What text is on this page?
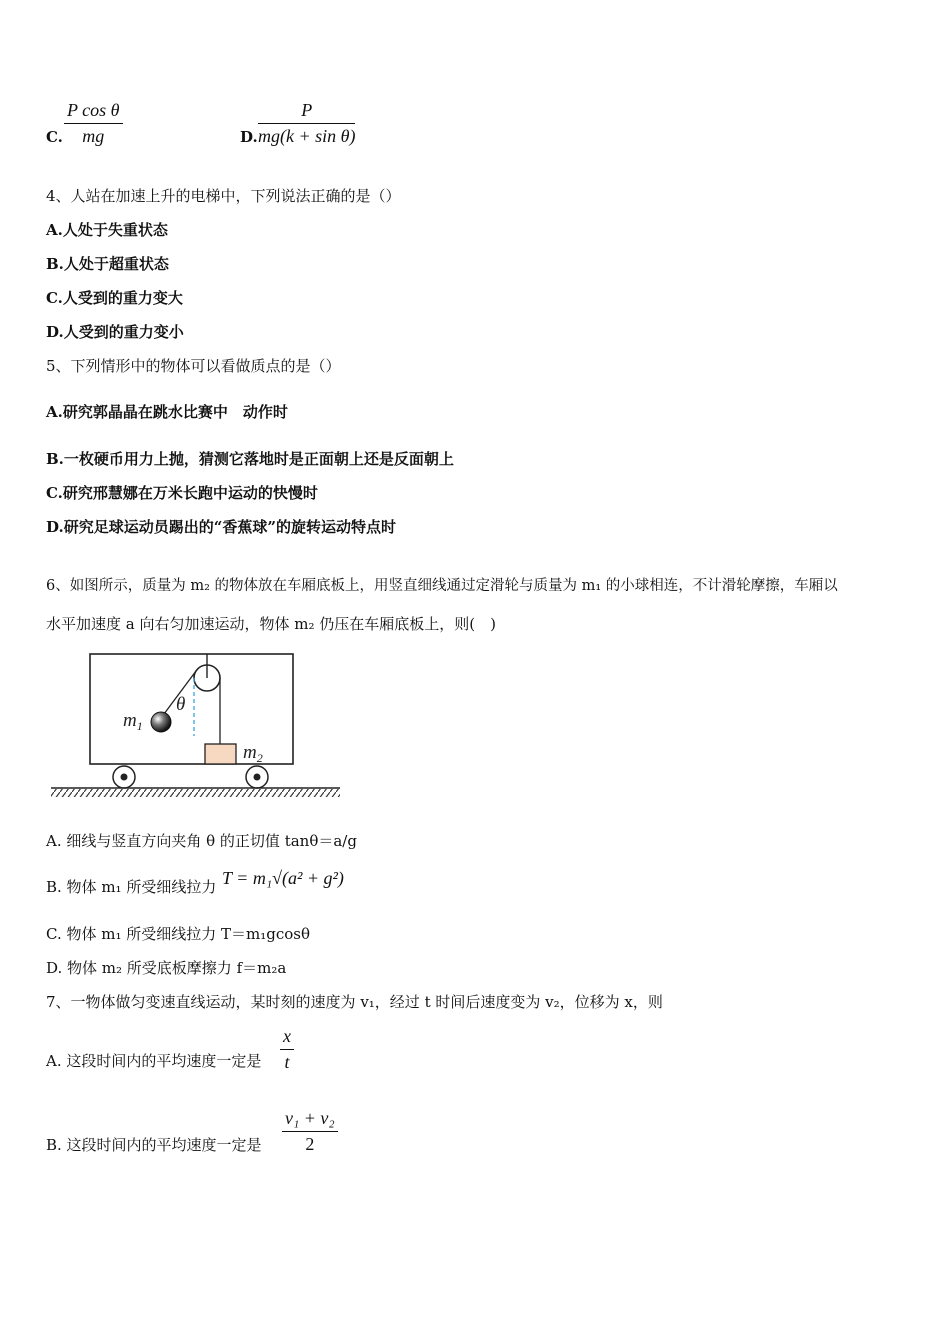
C.
P cos θ
mg	D.
P
mg(k + sin θ)
4、人站在加速上升的电梯中，下列说法正确的是（）
A.人处于失重状态
B.人处于超重状态
C.人受到的重力变大
D.人受到的重力变小
5、下列情形中的物体可以看做质点的是（）
A.研究郭晶晶在跳水比赛中　动作时
B.一枚硬币用力上抛，猜测它落地时是正面朝上还是反面朝上
C.研究邢慧娜在万米长跑中运动的快慢时
D.研究足球运动员踢出的“香蕉球”的旋转运动特点时
6、如图所示，质量为 m₂ 的物体放在车厢底板上，用竖直细线通过定滑轮与质量为 m₁ 的小球相连，不计滑轮摩擦，车厢以
水平加速度 a 向右匀加速运动，物体 m₂ 仍压在车厢底板上，则(　)
$m_1$
θ
$m_2$
A. 细线与竖直方向夹角 θ 的正切值 tanθ＝a/g
B. 物体 m₁ 所受细线拉力 T = m₁√(a² + g²)
C. 物体 m₁ 所受细线拉力 T＝m₁gcosθ
D. 物体 m₂ 所受底板摩擦力 f＝m₂a
7、一物体做匀变速直线运动，某时刻的速度为 v₁，经过 t 时间后速度变为 v₂，位移为 x，则
A. 这段时间内的平均速度一定是
x
t
B. 这段时间内的平均速度一定是
v₁ + v₂
2
